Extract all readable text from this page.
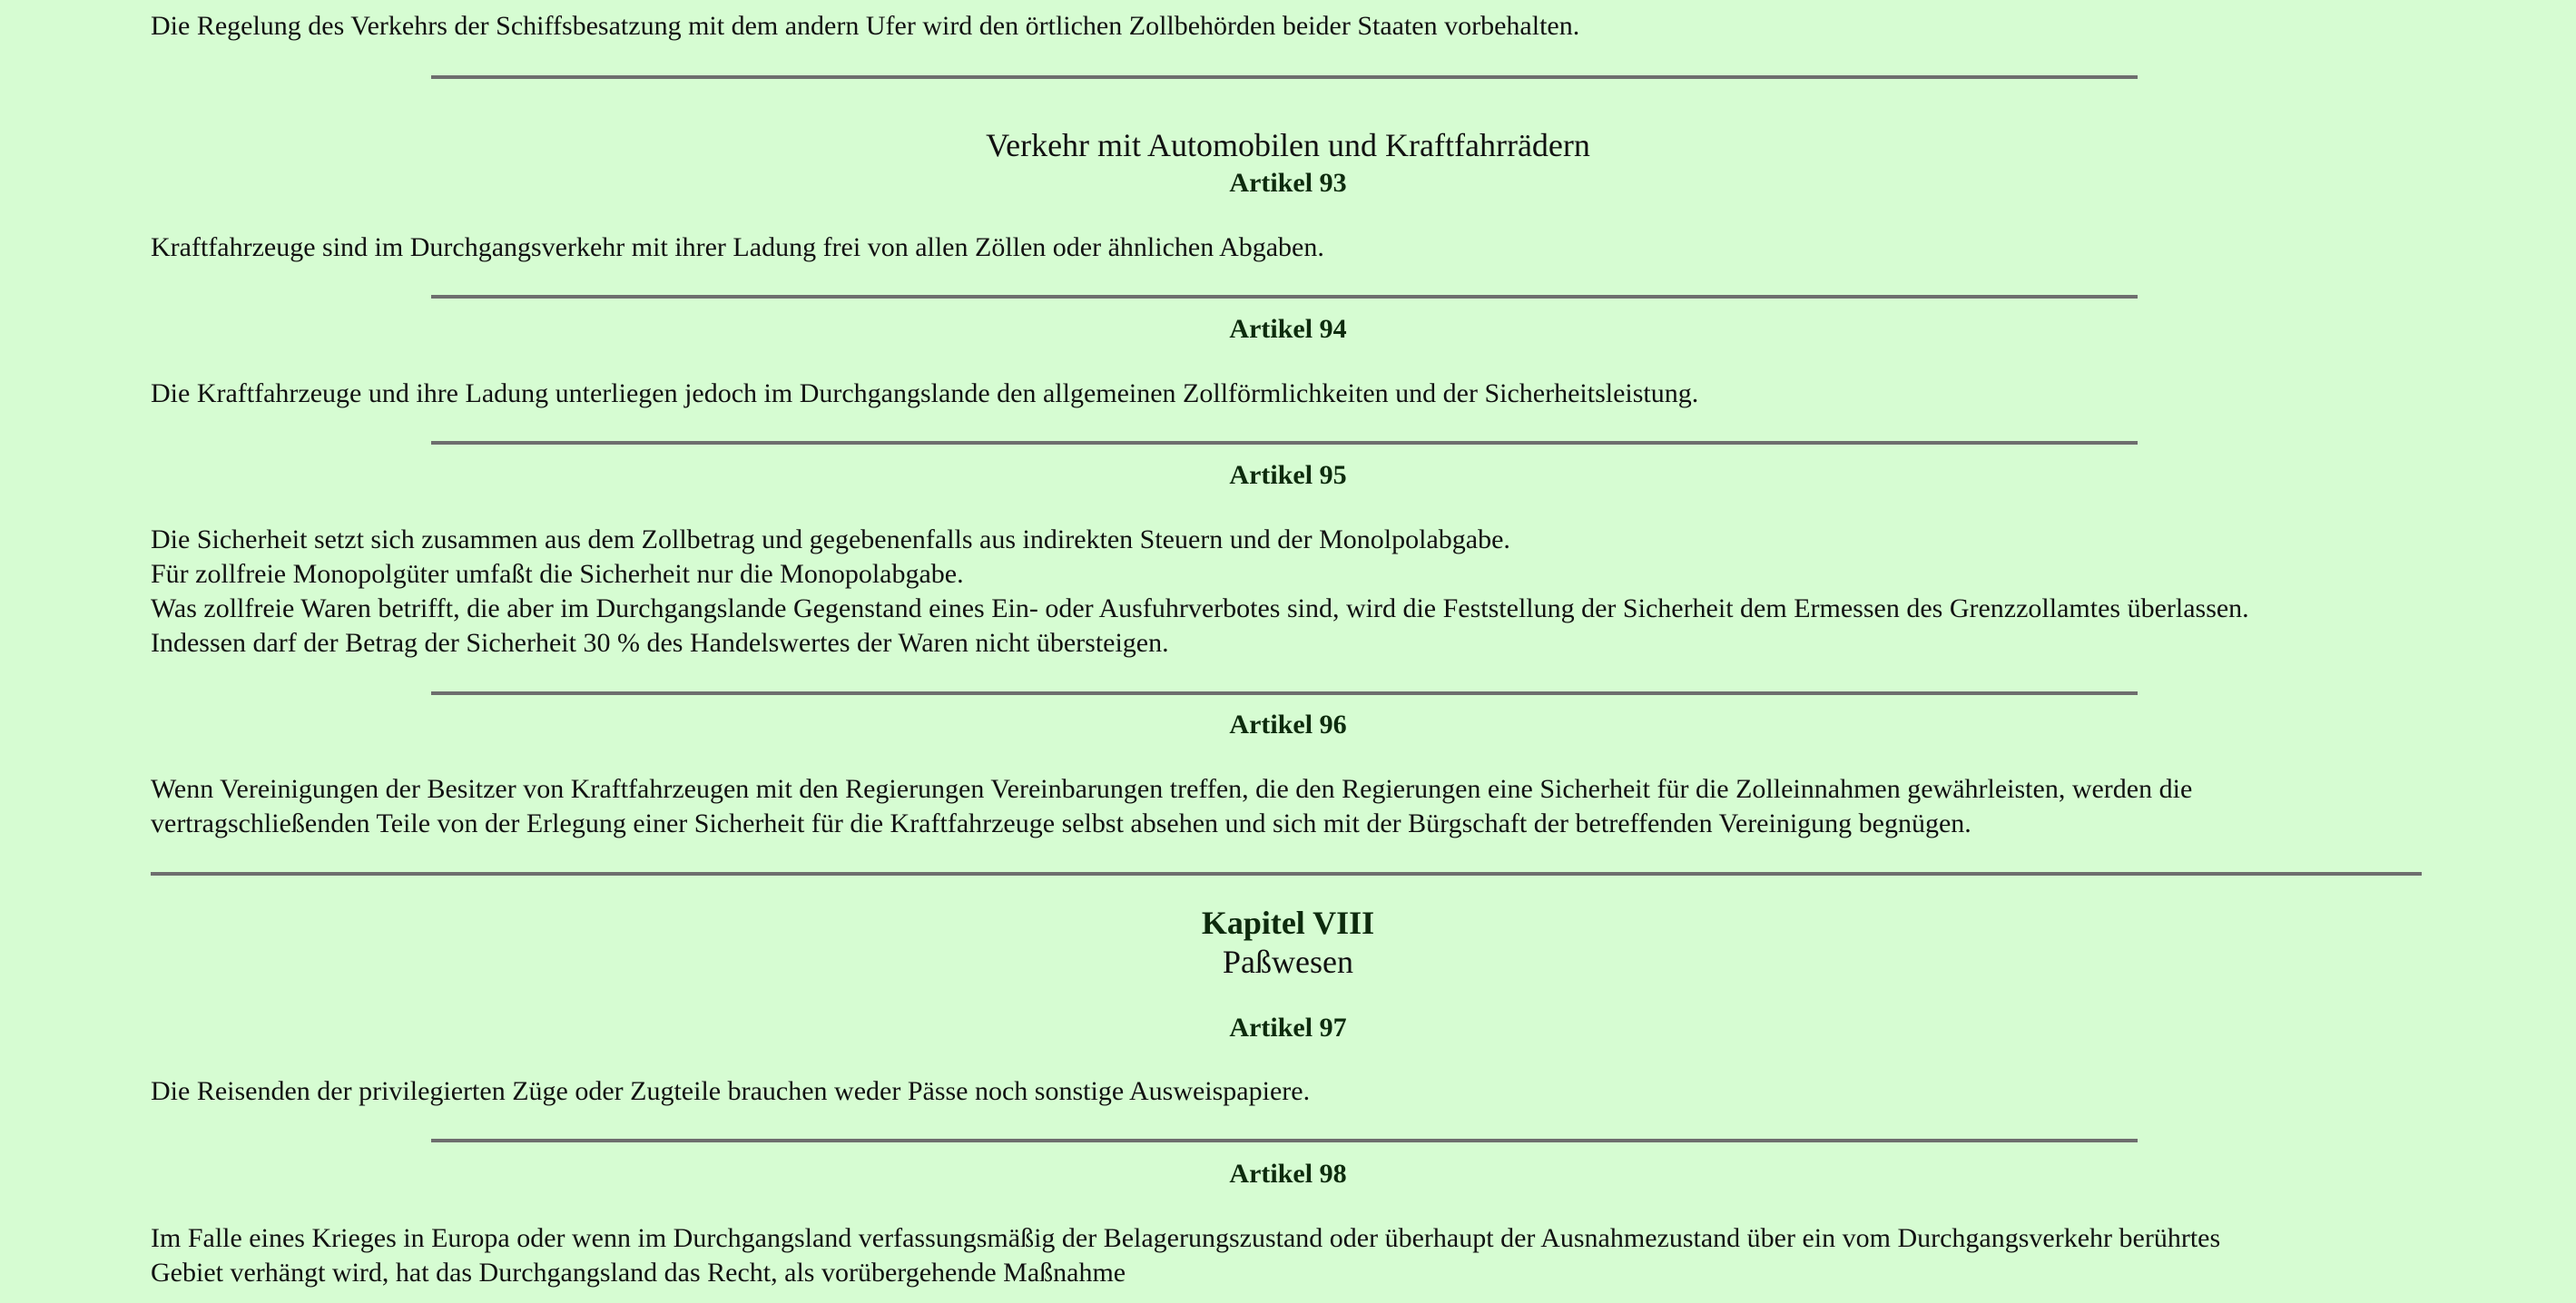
Die Regelung des Verkehrs der Schiffsbesatzung mit dem andern Ufer wird den örtlichen Zollbehörden beider Staaten vorbehalten.

Verkehr mit Automobilen und Kraftfahrrädern
Artikel 93

Kraftfahrzeuge sind im Durchgangsverkehr mit ihrer Ladung frei von allen Zöllen oder ähnlichen Abgaben.

Artikel 94

Die Kraftfahrzeuge und ihre Ladung unterliegen jedoch im Durchgangslande den allgemeinen Zollförmlichkeiten und der Sicherheitsleistung.

Artikel 95

Die Sicherheit setzt sich zusammen aus dem Zollbetrag und gegebenenfalls aus indirekten Steuern und der Monolpolabgabe.
Für zollfreie Monopolgüter umfaßt die Sicherheit nur die Monopolabgabe.
Was zollfreie Waren betrifft, die aber im Durchgangslande Gegenstand eines Ein- oder Ausfuhrverbotes sind, wird die Feststellung der Sicherheit dem Ermessen des Grenzzollamtes überlassen.
Indessen darf der Betrag der Sicherheit 30 % des Handelswertes der Waren nicht übersteigen.

Artikel 96

Wenn Vereinigungen der Besitzer von Kraftfahrzeugen mit den Regierungen Vereinbarungen treffen, die den Regierungen eine Sicherheit für die Zolleinnahmen gewährleisten, werden die
vertragschließenden Teile von der Erlegung einer Sicherheit für die Kraftfahrzeuge selbst absehen und sich mit der Bürgschaft der betreffenden Vereinigung begnügen.

Kapitel VIII
Paßwesen
Artikel 97

Die Reisenden der privilegierten Züge oder Zugteile brauchen weder Pässe noch sonstige Ausweispapiere.

Artikel 98

Im Falle eines Krieges in Europa oder wenn im Durchgangsland verfassungsmäßig der Belagerungszustand oder überhaupt der Ausnahmezustand über ein vom Durchgangsverkehr berührtes
Gebiet verhängt wird, hat das Durchgangsland das Recht, als vorübergehende Maßnahme
